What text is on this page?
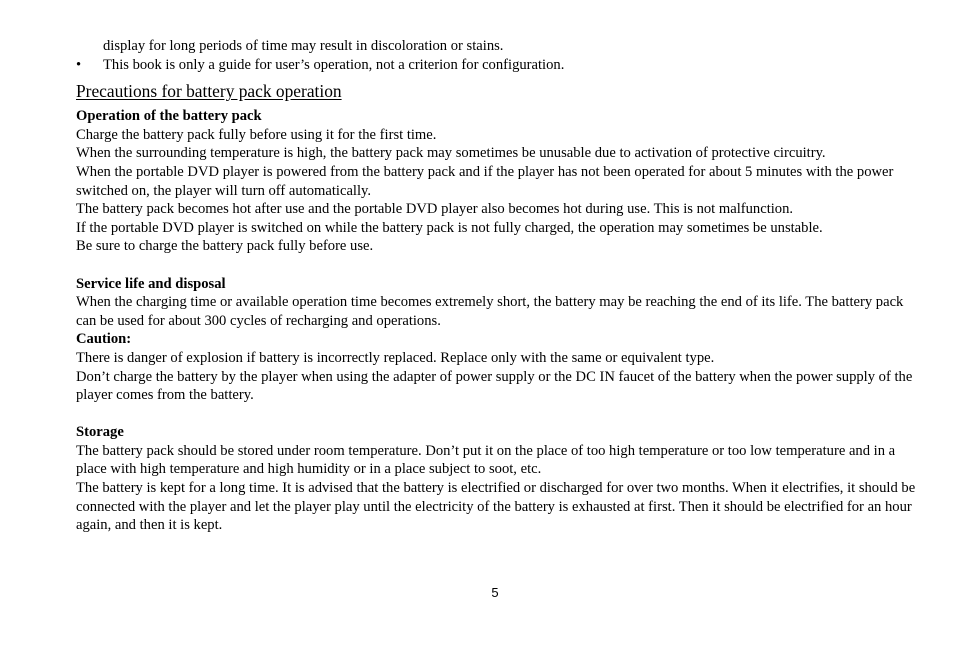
display for long periods of time may result in discoloration or stains.

•	This book is only a guide for user’s operation, not a criterion for configuration.

Precautions for battery pack operation

Operation of the battery pack

Charge the battery pack fully before using it for the first time.

When the surrounding temperature is high, the battery pack may sometimes be unusable due to activation of protective circuitry.

When the portable DVD player is powered from the battery pack and if the player has not been operated for about 5 minutes with the power switched on, the player will turn off automatically.

The battery pack becomes hot after use and the portable DVD player also becomes hot during use. This is not malfunction.

If the portable DVD player is switched on while the battery pack is not fully charged, the operation may sometimes be unstable.

Be sure to charge the battery pack fully before use.

Service life and disposal

When the charging time or available operation time becomes extremely short, the battery may be reaching the end of its life. The battery pack can be used for about 300 cycles of recharging and operations.

Caution:

There is danger of explosion if battery is incorrectly replaced. Replace only with the same or equivalent type.

Don’t charge the battery by the player when using the adapter of power supply or the DC IN faucet of the battery when the power supply of the player comes from the battery.

Storage

The battery pack should be stored under room temperature. Don’t put it on the place of too high temperature or too low temperature and in a place with high temperature and high humidity or in a place subject to soot, etc.

The battery is kept for a long time. It is advised that the battery is electrified or discharged for over two months. When it electrifies, it should be connected with the player and let the player play until the electricity of the battery is exhausted at first. Then it should be electrified for an hour again, and then it is kept.

5
